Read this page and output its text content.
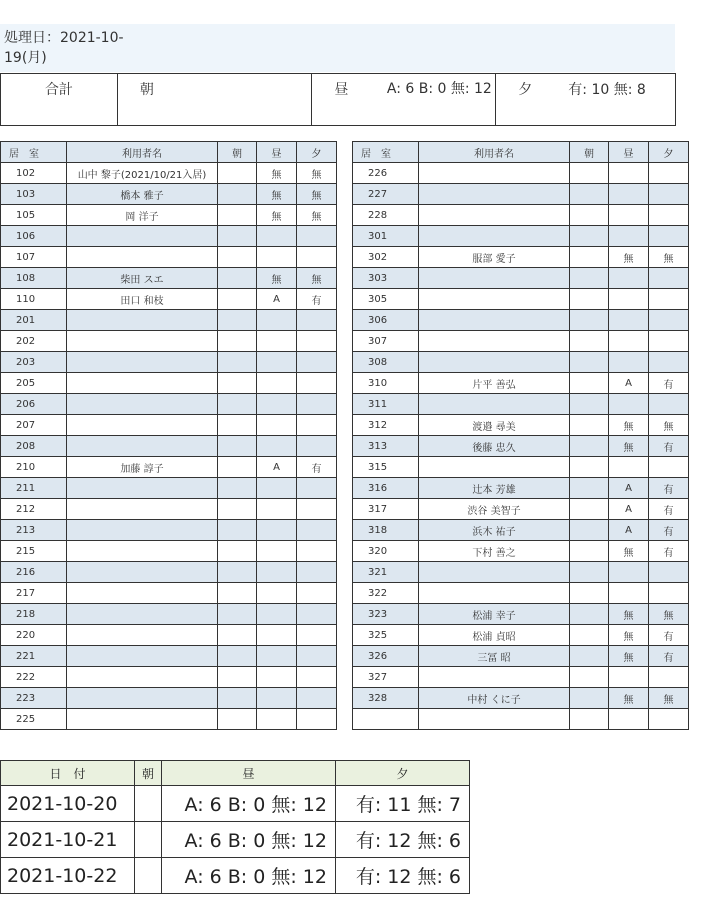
処理日：2021-10-19(月)
合計	朝	昼	A: 6 B: 0 無: 12	夕	有: 10 無: 8
居　室	利用者名	朝	昼	夕
102	山中 黎子(2021/10/21入居)		無	無
103	橋本 雅子		無	無
105	岡 洋子		無	無
106				
107				
108	柴田 スエ		無	無
110	田口 和枝		A	有
201				
202				
203				
205				
206				
207				
208				
210	加藤 諄子		A	有
211				
212				
213				
215				
216				
217				
218				
220				
221				
222				
223				
225				
居　室	利用者名	朝	昼	夕
226				
227				
228				
301				
302	服部 愛子		無	無
303				
305				
306				
307				
308				
310	片平 善弘		A	有
311				
312	渡邉 尋美		無	無
313	後藤 忠久		無	有
315				
316	辻本 芳雄		A	有
317	渋谷 美智子		A	有
318	浜木 祐子		A	有
320	下村 善之		無	有
321				
322				
323	松浦 幸子		無	無
325	松浦 貞昭		無	有
326	三冨 昭		無	有
327				
328	中村 くに子		無	無

日　付	朝	昼	夕
2021-10-20		A: 6 B: 0 無: 12	有: 11 無: 7
2021-10-21		A: 6 B: 0 無: 12	有: 12 無: 6
2021-10-22		A: 6 B: 0 無: 12	有: 12 無: 6
